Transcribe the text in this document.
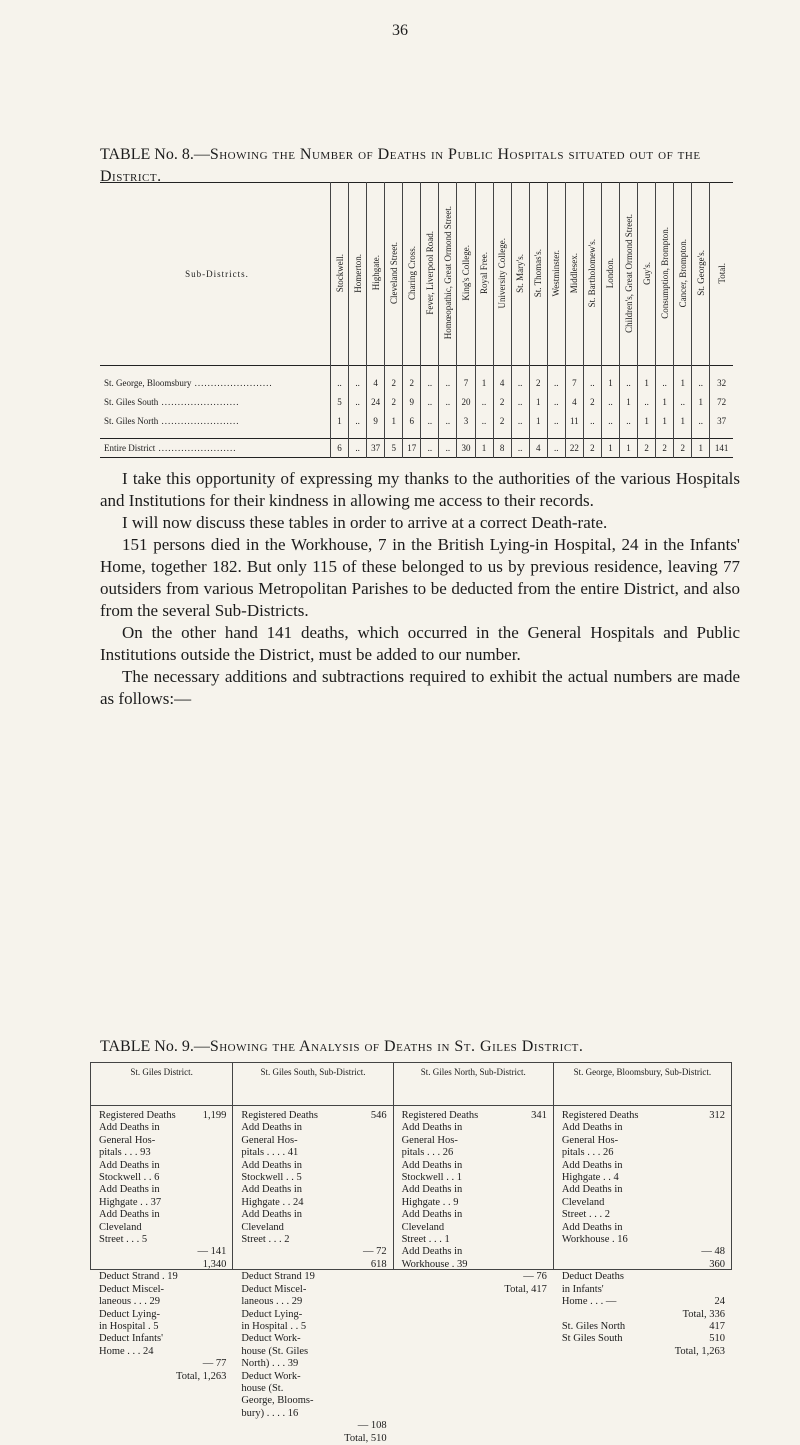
36
TABLE No. 8.—Showing the Number of Deaths in Public Hospitals situated out of the District.
Sub-Districts.	Stockwell.	Homerton.	Highgate.	Cleveland Street.	Charing Cross.	Fever, Liverpool Road.	Homœopathic, Great Ormond Street.	King's College.	Royal Free.	University College.	St. Mary's.	St. Thomas's.	Westminster.	Middlesex.	St. Bartholomew's.	London.	Children's, Great Ormond Street.	Guy's.	Consumption, Brompton.	Cancer, Brompton.	St. George's.	Total.

St. George, Bloomsbury ........................	..	..	4	2	2	..	..	7	1	4	..	2	..	7	..	1	..	1	..	1	..	32
St. Giles South ........................	5	..	24	2	9	..	..	20	..	2	..	1	..	4	2	..	1	..	1	..	1	72
St. Giles North ........................	1	..	9	1	6	..	..	3	..	2	..	1	..	11	..	..	..	1	1	1	..	37

Entire District ........................	6	..	37	5	17	..	..	30	1	8	..	4	..	22	2	1	1	2	2	2	1	141

I take this opportunity of expressing my thanks to the authorities of the various Hospitals and Institutions for their kindness in allowing me access to their records.

I will now discuss these tables in order to arrive at a correct Death-rate.

151 persons died in the Workhouse, 7 in the British Lying-in Hospital, 24 in the Infants' Home, together 182. But only 115 of these belonged to us by previous residence, leaving 77 outsiders from various Metropolitan Parishes to be deducted from the entire District, and also from the several Sub-Districts.

On the other hand 141 deaths, which occurred in the General Hospitals and Public Institutions outside the District, must be added to our number.

The necessary additions and subtractions required to exhibit the actual numbers are made as follows:—

TABLE No. 9.—Showing the Analysis of Deaths in St. Giles District.
St. Giles District.
Registered Deaths	1,199
Add Deaths in
General Hos-
pitals . . . 93
Add Deaths in
Stockwell . . 6
Add Deaths in
Highgate . . 37
Add Deaths in
Cleveland
Street . . . 5
— 141
1,340
Deduct Strand . 19
Deduct Miscel-
laneous . . . 29
Deduct Lying-
in Hospital . 5
Deduct Infants'
Home . . . 24
— 77
Total, 1,263
St. Giles South, Sub-District.
Registered Deaths	546
Add Deaths in
General Hos-
pitals . . . . 41
Add Deaths in
Stockwell . . 5
Add Deaths in
Highgate . . 24
Add Deaths in
Cleveland
Street . . . 2
— 72
618
Deduct Strand 19
Deduct Miscel-
laneous . . . 29
Deduct Lying-
in Hospital . . 5
Deduct Work-
house (St. Giles
North) . . . 39
Deduct Work-
house (St.
George, Blooms-
bury) . . . . 16
— 108
Total, 510
St. Giles North, Sub-District.
Registered Deaths	341
Add Deaths in
General Hos-
pitals . . . 26
Add Deaths in
Stockwell . . 1
Add Deaths in
Highgate . . 9
Add Deaths in
Cleveland
Street . . . 1
Add Deaths in
Workhouse . 39
— 76
Total, 417
St. George, Bloomsbury, Sub-District.
Registered Deaths	312
Add Deaths in
General Hos-
pitals . . . 26
Add Deaths in
Highgate . . 4
Add Deaths in
Cleveland
Street . . . 2
Add Deaths in
Workhouse . 16
— 48
360
Deduct Deaths
in Infants'
Home . . . —	24
Total, 336
St. Giles North	417
St Giles South	510
Total, 1,263
